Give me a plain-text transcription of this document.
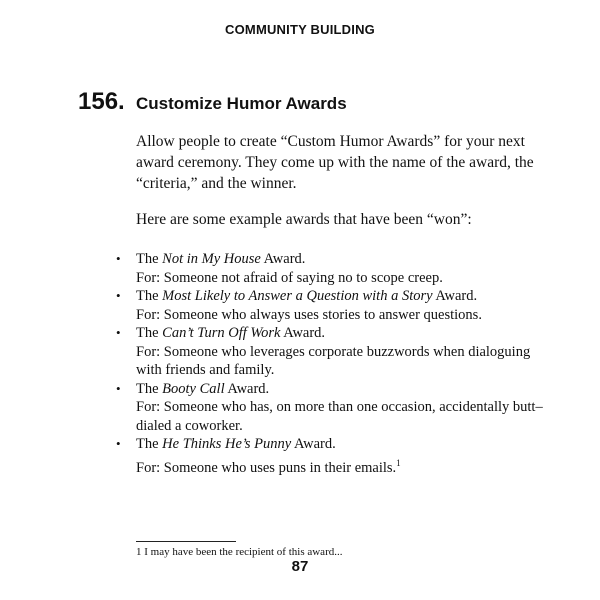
COMMUNITY BUILDING
156. Customize Humor Awards

Allow people to create “Custom Humor Awards” for your next award ceremony. They come up with the name of the award, the “criteria,” and the winner.

Here are some example awards that have been “won”:

• The Not in My House Award.
For: Someone not afraid of saying no to scope creep.
• The Most Likely to Answer a Question with a Story Award.
For: Someone who always uses stories to answer questions.
• The Can’t Turn Off Work Award.
For: Someone who leverages corporate buzzwords when dialoguing with friends and family.
• The Booty Call Award.
For: Someone who has, on more than one occasion, accidentally butt–dialed a coworker.
• The He Thinks He’s Punny Award.
For: Someone who uses puns in their emails.$^1$
1 I may have been the recipient of this award...
87
